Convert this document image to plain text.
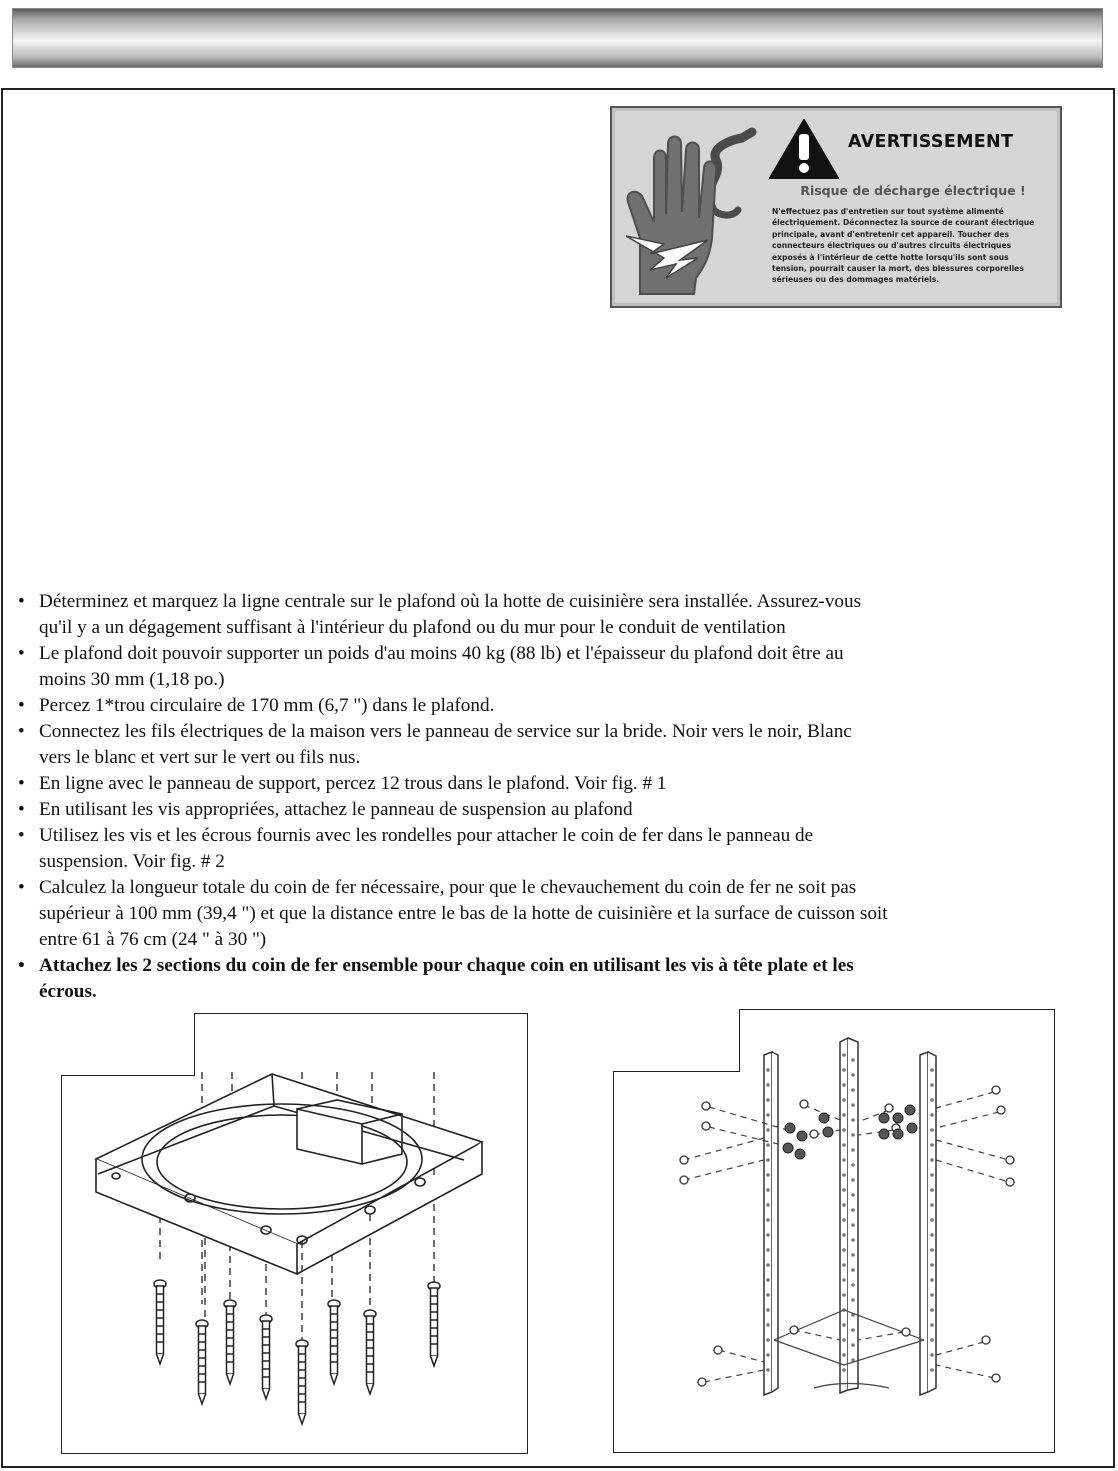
AVERTISSEMENT
Risque de décharge électrique !
N'effectuez pas d'entretien sur tout système alimenté
électriquement. Déconnectez la source de courant électrique
principale, avant d'entretenir cet appareil. Toucher des
connecteurs électriques ou d'autres circuits électriques
exposés à l'intérieur de cette hotte lorsqu'ils sont sous
tension, pourrait causer la mort, des blessures corporelles
sérieuses ou des dommages matériels.
• Déterminez et marquez la ligne centrale sur le plafond où la hotte de cuisinière sera installée. Assurez-vous
qu'il y a un dégagement suffisant à l'intérieur du plafond ou du mur pour le conduit de ventilation
• Le plafond doit pouvoir supporter un poids d'au moins 40 kg (88 lb) et l'épaisseur du plafond doit être au
moins 30 mm (1,18 po.)
• Percez 1*trou circulaire de 170 mm (6,7 ") dans le plafond.
• Connectez les fils électriques de la maison vers le panneau de service sur la bride. Noir vers le noir, Blanc
vers le blanc et vert sur le vert ou fils nus.
• En ligne avec le panneau de support, percez 12 trous dans le plafond. Voir fig. # 1
• En utilisant les vis appropriées, attachez le panneau de suspension au plafond
• Utilisez les vis et les écrous fournis avec les rondelles pour attacher le coin de fer dans le panneau de
suspension. Voir fig. # 2
• Calculez la longueur totale du coin de fer nécessaire, pour que le chevauchement du coin de fer ne soit pas
supérieur à 100 mm (39,4 ") et que la distance entre le bas de la hotte de cuisinière et la surface de cuisson soit
entre 61 à 76 cm (24 " à 30 ")
• Attachez les 2 sections du coin de fer ensemble pour chaque coin en utilisant les vis à tête plate et les
écrous.
